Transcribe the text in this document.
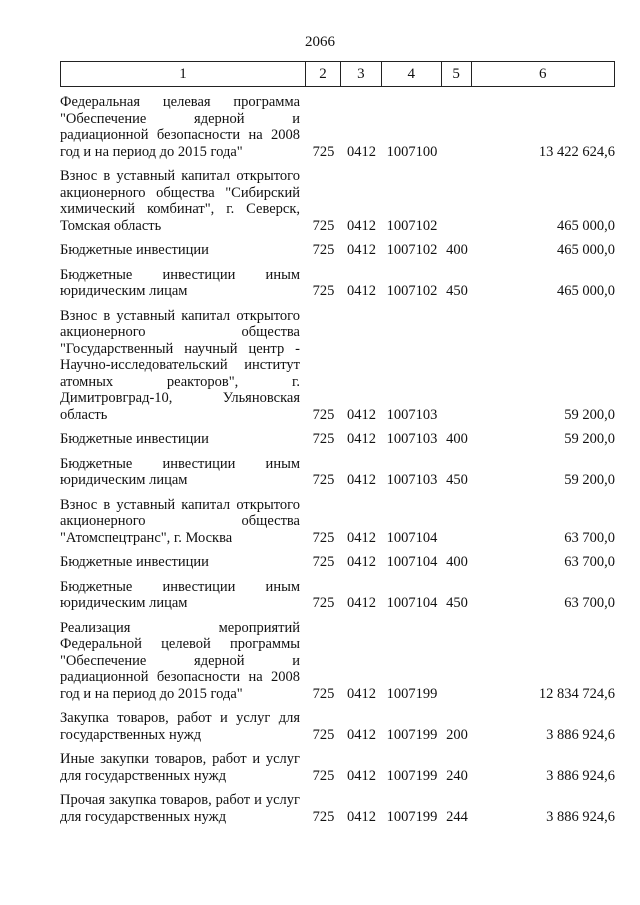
2066
1	2	3	4	5	6
Федеральная целевая программа "Обеспечение ядерной и радиационной безопасности на 2008 год и на период до 2015 года"	725 0412 1007100	13 422 624,6
Взнос в уставный капитал открытого акционерного общества "Сибирский химический комбинат", г. Северск, Томская область	725 0412 1007102	465 000,0
Бюджетные инвестиции	725 0412 1007102 400	465 000,0
Бюджетные инвестиции иным юридическим лицам	725 0412 1007102 450	465 000,0
Взнос в уставный капитал открытого акционерного общества "Государственный научный центр - Научно-исследовательский институт атомных реакторов", г. Димитровград-10, Ульяновская область	725 0412 1007103	59 200,0
Бюджетные инвестиции	725 0412 1007103 400	59 200,0
Бюджетные инвестиции иным юридическим лицам	725 0412 1007103 450	59 200,0
Взнос в уставный капитал открытого акционерного общества "Атомспецтранс", г. Москва	725 0412 1007104	63 700,0
Бюджетные инвестиции	725 0412 1007104 400	63 700,0
Бюджетные инвестиции иным юридическим лицам	725 0412 1007104 450	63 700,0
Реализация мероприятий Федеральной целевой программы "Обеспечение ядерной и радиационной безопасности на 2008 год и на период до 2015 года"	725 0412 1007199	12 834 724,6
Закупка товаров, работ и услуг для государственных нужд	725 0412 1007199 200	3 886 924,6
Иные закупки товаров, работ и услуг для государственных нужд	725 0412 1007199 240	3 886 924,6
Прочая закупка товаров, работ и услуг для государственных нужд	725 0412 1007199 244	3 886 924,6
